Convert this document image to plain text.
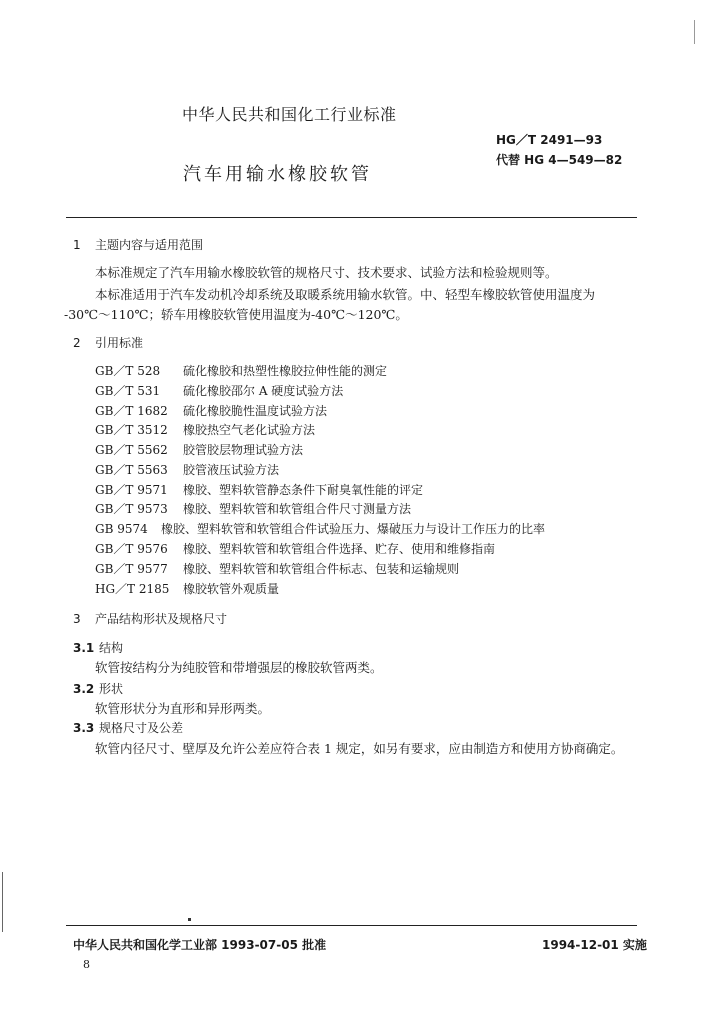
中华人民共和国化工行业标准
HG／T 2491—93
代替 HG 4—549—82
汽车用输水橡胶软管
1 主题内容与适用范围
本标准规定了汽车用输水橡胶软管的规格尺寸、技术要求、试验方法和检验规则等。
本标准适用于汽车发动机冷却系统及取暖系统用输水软管。中、轻型车橡胶软管使用温度为
-30℃～110℃；轿车用橡胶软管使用温度为-40℃～120℃。
2 引用标准
GB／T 528 硫化橡胶和热塑性橡胶拉伸性能的测定
GB／T 531 硫化橡胶邵尔 A 硬度试验方法
GB／T 1682 硫化橡胶脆性温度试验方法
GB／T 3512 橡胶热空气老化试验方法
GB／T 5562 胶管胶层物理试验方法
GB／T 5563 胶管液压试验方法
GB／T 9571 橡胶、塑料软管静态条件下耐臭氧性能的评定
GB／T 9573 橡胶、塑料软管和软管组合件尺寸测量方法
GB 9574 橡胶、塑料软管和软管组合件试验压力、爆破压力与设计工作压力的比率
GB／T 9576 橡胶、塑料软管和软管组合件选择、贮存、使用和维修指南
GB／T 9577 橡胶、塑料软管和软管组合件标志、包装和运输规则
HG／T 2185 橡胶软管外观质量
3 产品结构形状及规格尺寸
3.1 结构
软管按结构分为纯胶管和带增强层的橡胶软管两类。
3.2 形状
软管形状分为直形和异形两类。
3.3 规格尺寸及公差
软管内径尺寸、壁厚及允许公差应符合表 1 规定，如另有要求，应由制造方和使用方协商确定。
中华人民共和国化学工业部 1993-07-05 批准	1994-12-01 实施
8
